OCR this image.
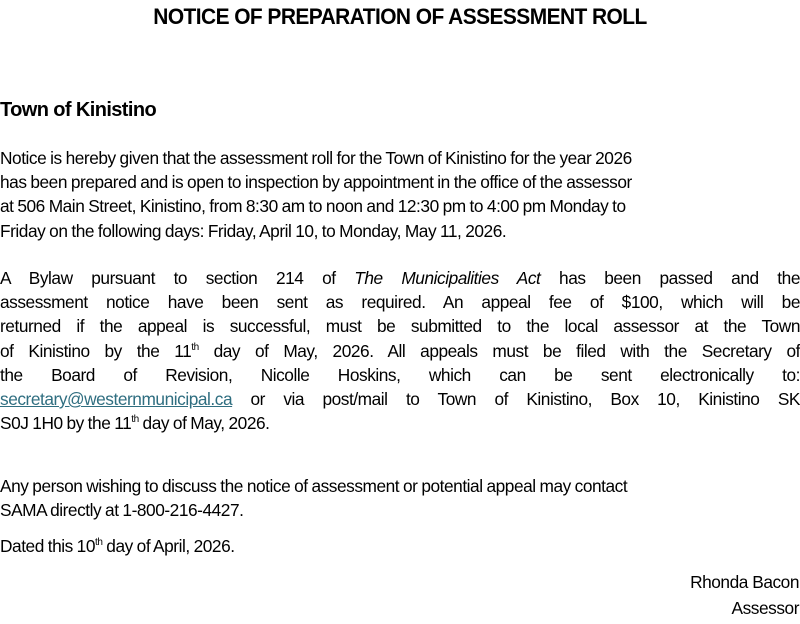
NOTICE OF PREPARATION OF ASSESSMENT ROLL
Town of Kinistino
Notice is hereby given that the assessment roll for the Town of Kinistino for the year 2026
has been prepared and is open to inspection by appointment in the office of the assessor
at 506 Main Street, Kinistino, from 8:30 am to noon and 12:30 pm to 4:00 pm Monday to
Friday on the following days: Friday, April 10, to Monday, May 11, 2026.
A Bylaw pursuant to section 214 of The Municipalities Act has been passed and the
assessment notice have been sent as required. An appeal fee of $100, which will be
returned if the appeal is successful, must be submitted to the local assessor at the Town
of Kinistino by the 11th day of May, 2026. All appeals must be filed with the Secretary of
the Board of Revision, Nicolle Hoskins, which can be sent electronically to:
secretary@westernmunicipal.ca or via post/mail to Town of Kinistino, Box 10, Kinistino SK
S0J 1H0 by the 11th day of May, 2026.
Any person wishing to discuss the notice of assessment or potential appeal may contact
SAMA directly at 1-800-216-4427.
Dated this 10th day of April, 2026.
Rhonda Bacon
Assessor
